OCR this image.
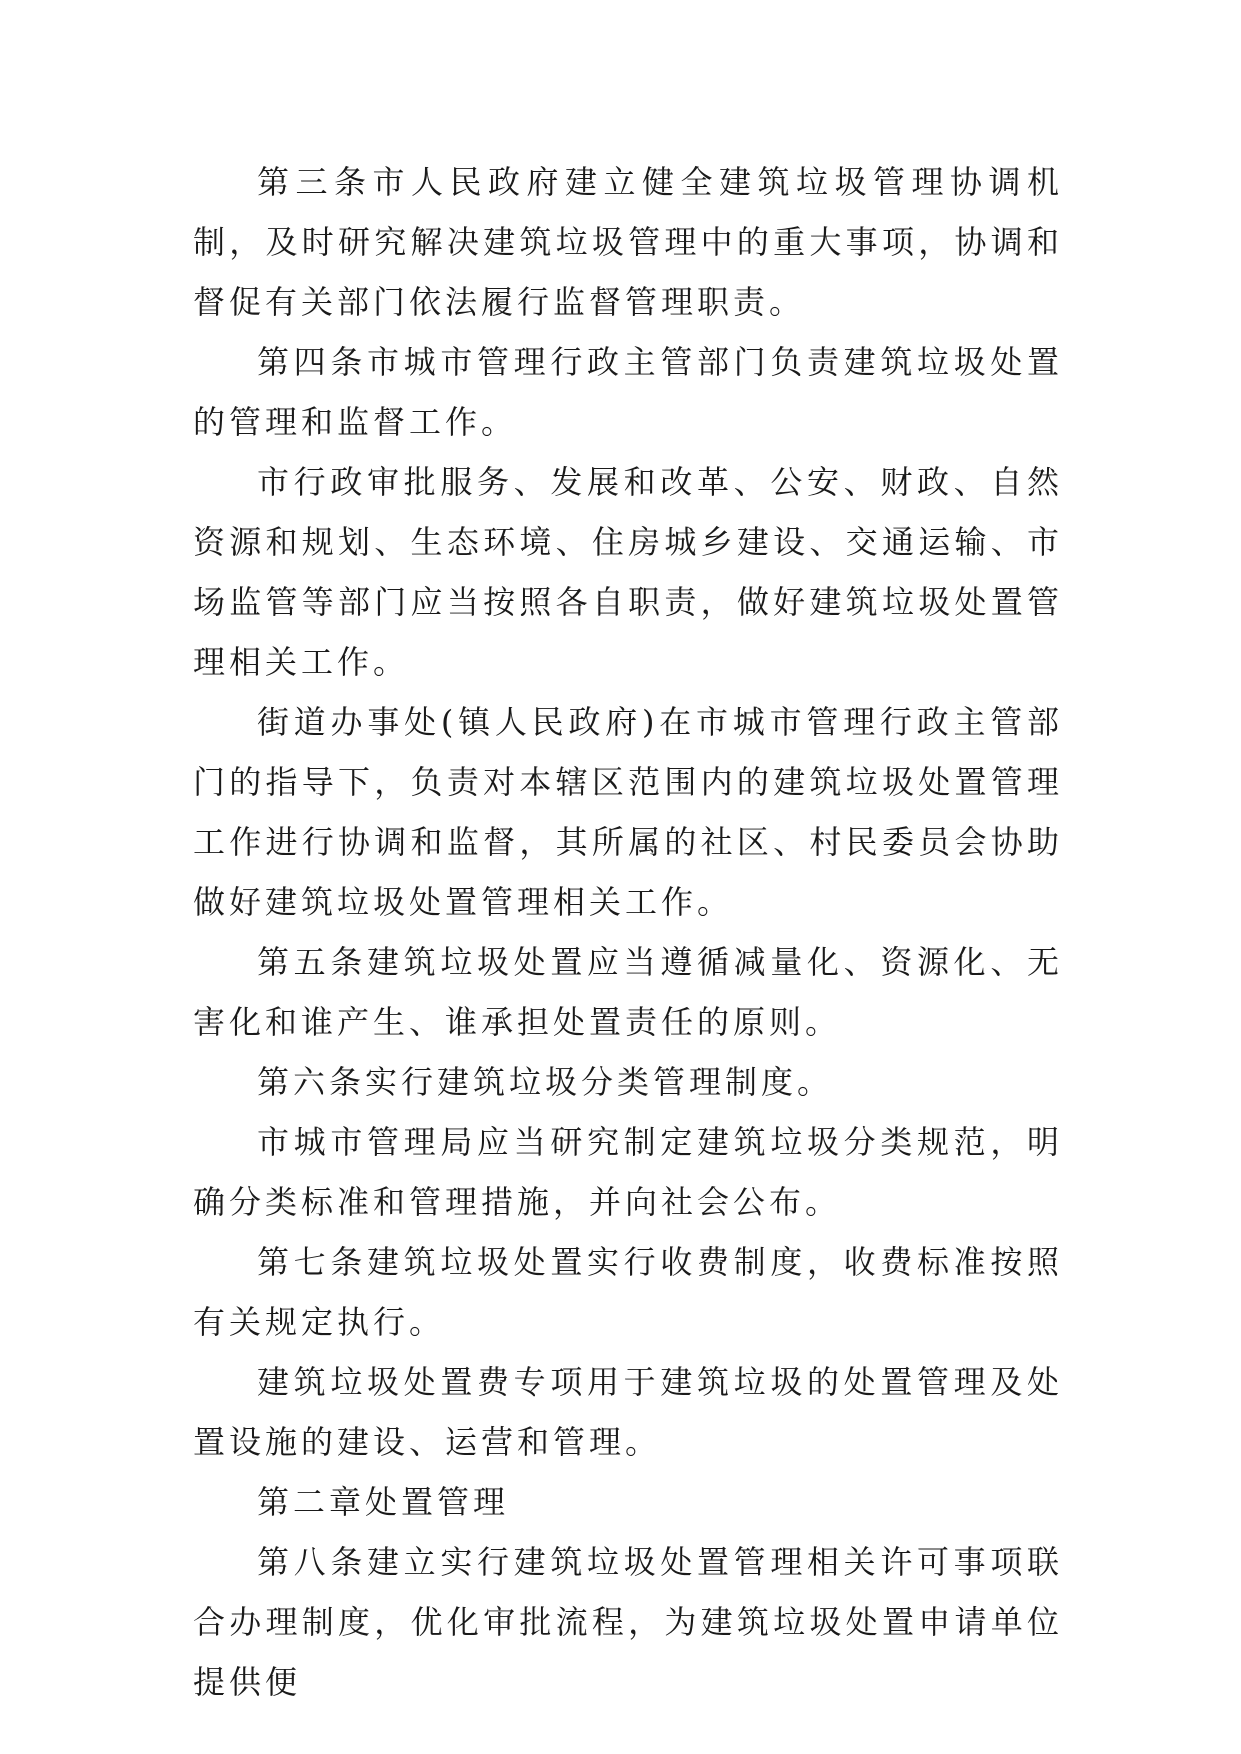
第三条市人民政府建立健全建筑垃圾管理协调机制，及时研究解决建筑垃圾管理中的重大事项，协调和督促有关部门依法履行监督管理职责。

第四条市城市管理行政主管部门负责建筑垃圾处置的管理和监督工作。

市行政审批服务、发展和改革、公安、财政、自然资源和规划、生态环境、住房城乡建设、交通运输、市场监管等部门应当按照各自职责，做好建筑垃圾处置管理相关工作。

街道办事处(镇人民政府)在市城市管理行政主管部门的指导下，负责对本辖区范围内的建筑垃圾处置管理工作进行协调和监督，其所属的社区、村民委员会协助做好建筑垃圾处置管理相关工作。

第五条建筑垃圾处置应当遵循减量化、资源化、无害化和谁产生、谁承担处置责任的原则。

第六条实行建筑垃圾分类管理制度。

市城市管理局应当研究制定建筑垃圾分类规范，明确分类标准和管理措施，并向社会公布。

第七条建筑垃圾处置实行收费制度，收费标准按照有关规定执行。

建筑垃圾处置费专项用于建筑垃圾的处置管理及处置设施的建设、运营和管理。

第二章处置管理

第八条建立实行建筑垃圾处置管理相关许可事项联合办理制度，优化审批流程，为建筑垃圾处置申请单位提供便
